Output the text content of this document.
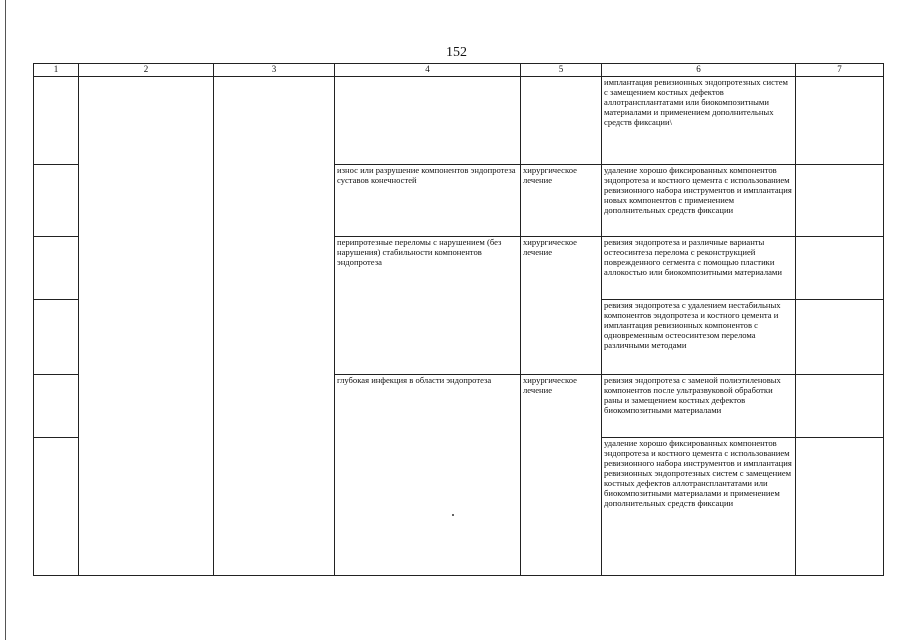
152
1	2	3	4	5	6	7
					имплантация ревизионных эндопротезных систем с замещением костных дефектов аллотрансплантатами или биокомпозитными материалами и применением дополнительных средств фиксации\	
			износ или разрушение компонентов эндопротеза суставов конечностей	хирургическое лечение	удаление хорошо фиксированных компонентов эндопротеза и костного цемента с использованием ревизионного набора инструментов и имплантация новых компонентов с применением дополнительных средств фиксации	
			перипротезные переломы с нарушением (без нарушения) стабильности компонентов эндопротеза	хирургическое лечение	ревизия эндопротеза и различные варианты остеосинтеза перелома с реконструкцией поврежденного сегмента с помощью пластики аллокостью или биокомпозитными материалами	
					ревизия эндопротеза с удалением нестабильных компонентов эндопротеза и костного цемента и имплантация ревизионных компонентов с одновременным остеосинтезом перелома различными методами	
			глубокая инфекция в области эндопротеза	хирургическое лечение	ревизия эндопротеза с заменой полиэтиленовых компонентов после ультразвуковой обработки раны и замещением костных дефектов биокомпозитными материалами	
					удаление хорошо фиксированных компонентов эндопротеза и костного цемента с использованием ревизионного набора инструментов и имплантация ревизионных эндопротезных систем с замещением костных дефектов аллотрансплантатами или биокомпозитными материалами и применением дополнительных средств фиксации	
